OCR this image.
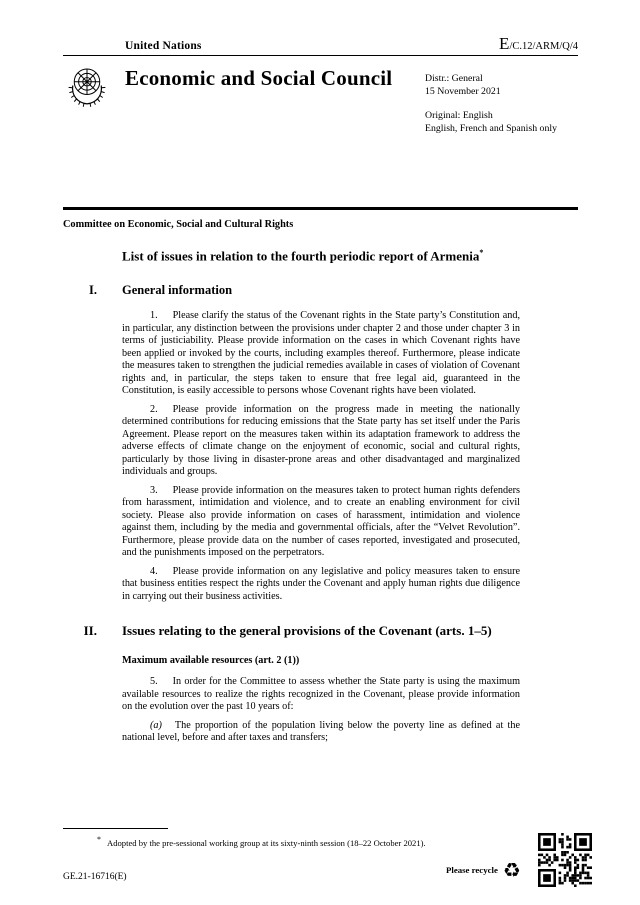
United Nations	E/C.12/ARM/Q/4
Economic and Social Council	Distr.: General
15 November 2021
Original: English
English, French and Spanish only
Committee on Economic, Social and Cultural Rights
List of issues in relation to the fourth periodic report of Armenia*
I. General information

1. Please clarify the status of the Covenant rights in the State party’s Constitution and, in particular, any distinction between the provisions under chapter 2 and those under chapter 3 in terms of justiciability. Please provide information on the cases in which Covenant rights have been applied or invoked by the courts, including examples thereof. Furthermore, please indicate the measures taken to strengthen the judicial remedies available in cases of violation of Covenant rights and, in particular, the steps taken to ensure that free legal aid, guaranteed in the Constitution, is easily accessible to persons whose Covenant rights have been violated.

2. Please provide information on the progress made in meeting the nationally determined contributions for reducing emissions that the State party has set itself under the Paris Agreement. Please report on the measures taken within its adaptation framework to address the adverse effects of climate change on the enjoyment of economic, social and cultural rights, particularly by those living in disaster-prone areas and other disadvantaged and marginalized individuals and groups.

3. Please provide information on the measures taken to protect human rights defenders from harassment, intimidation and violence, and to create an enabling environment for civil society. Please also provide information on cases of harassment, intimidation and violence against them, including by the media and governmental officials, after the “Velvet Revolution”. Furthermore, please provide data on the number of cases reported, investigated and prosecuted, and the punishments imposed on the perpetrators.

4. Please provide information on any legislative and policy measures taken to ensure that business entities respect the rights under the Covenant and apply human rights due diligence in carrying out their business activities.

II. Issues relating to the general provisions of the Covenant (arts. 1–5)
Maximum available resources (art. 2 (1))

5. In order for the Committee to assess whether the State party is using the maximum available resources to realize the rights recognized in the Covenant, please provide information on the evolution over the past 10 years of:

(a) The proportion of the population living below the poverty line as defined at the national level, before and after taxes and transfers;

* Adopted by the pre-sessional working group at its sixty-ninth session (18–22 October 2021).
GE.21-16716(E)
Please recycle ♻
